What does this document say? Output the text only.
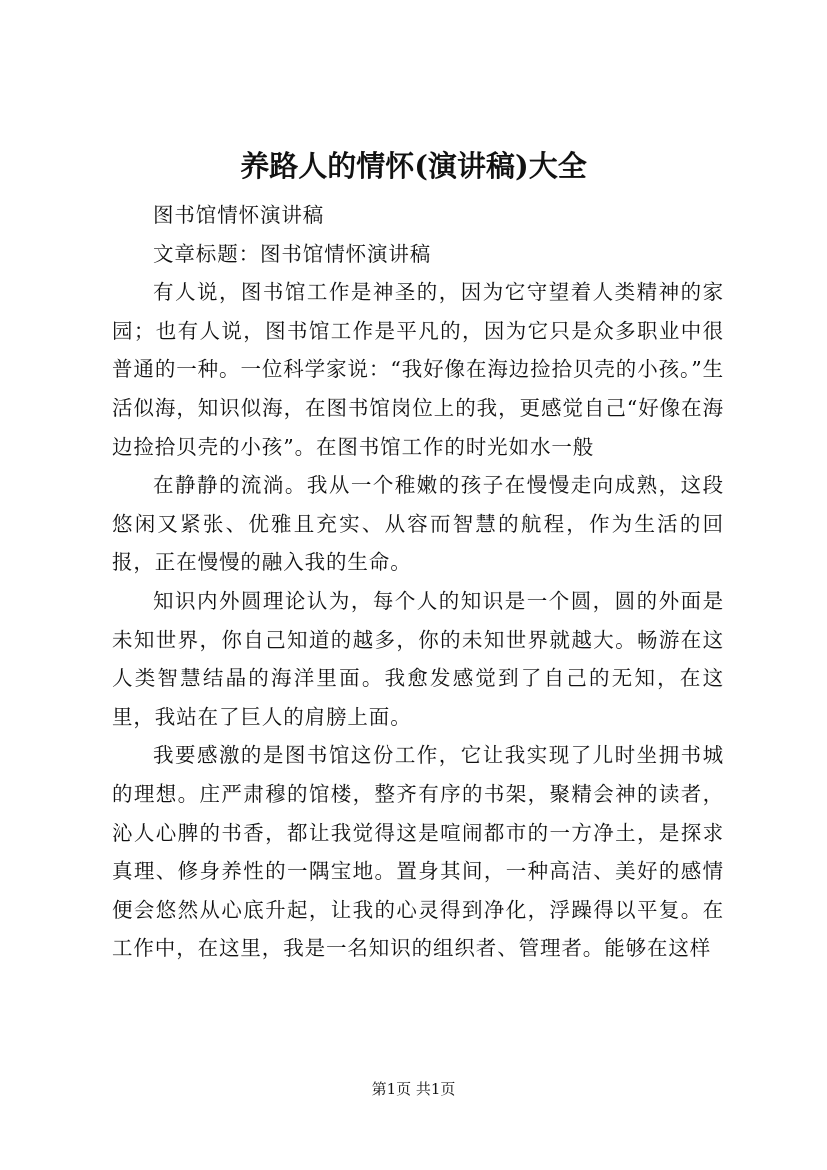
养路人的情怀(演讲稿)大全

图书馆情怀演讲稿

文章标题：图书馆情怀演讲稿

有人说，图书馆工作是神圣的，因为它守望着人类精神的家园；也有人说，图书馆工作是平凡的，因为它只是众多职业中很普通的一种。一位科学家说：“我好像在海边捡拾贝壳的小孩。”生活似海，知识似海，在图书馆岗位上的我，更感觉自己“好像在海边捡拾贝壳的小孩”。在图书馆工作的时光如水一般

在静静的流淌。我从一个稚嫩的孩子在慢慢走向成熟，这段悠闲又紧张、优雅且充实、从容而智慧的航程，作为生活的回报，正在慢慢的融入我的生命。

知识内外圆理论认为，每个人的知识是一个圆，圆的外面是未知世界，你自己知道的越多，你的未知世界就越大。畅游在这人类智慧结晶的海洋里面。我愈发感觉到了自己的无知，在这里，我站在了巨人的肩膀上面。

我要感激的是图书馆这份工作，它让我实现了儿时坐拥书城的理想。庄严肃穆的馆楼，整齐有序的书架，聚精会神的读者，沁人心脾的书香，都让我觉得这是喧闹都市的一方净土，是探求真理、修身养性的一隅宝地。置身其间，一种高洁、美好的感情便会悠然从心底升起，让我的心灵得到净化，浮躁得以平复。在工作中，在这里，我是一名知识的组织者、管理者。能够在这样

第1页 共1页
